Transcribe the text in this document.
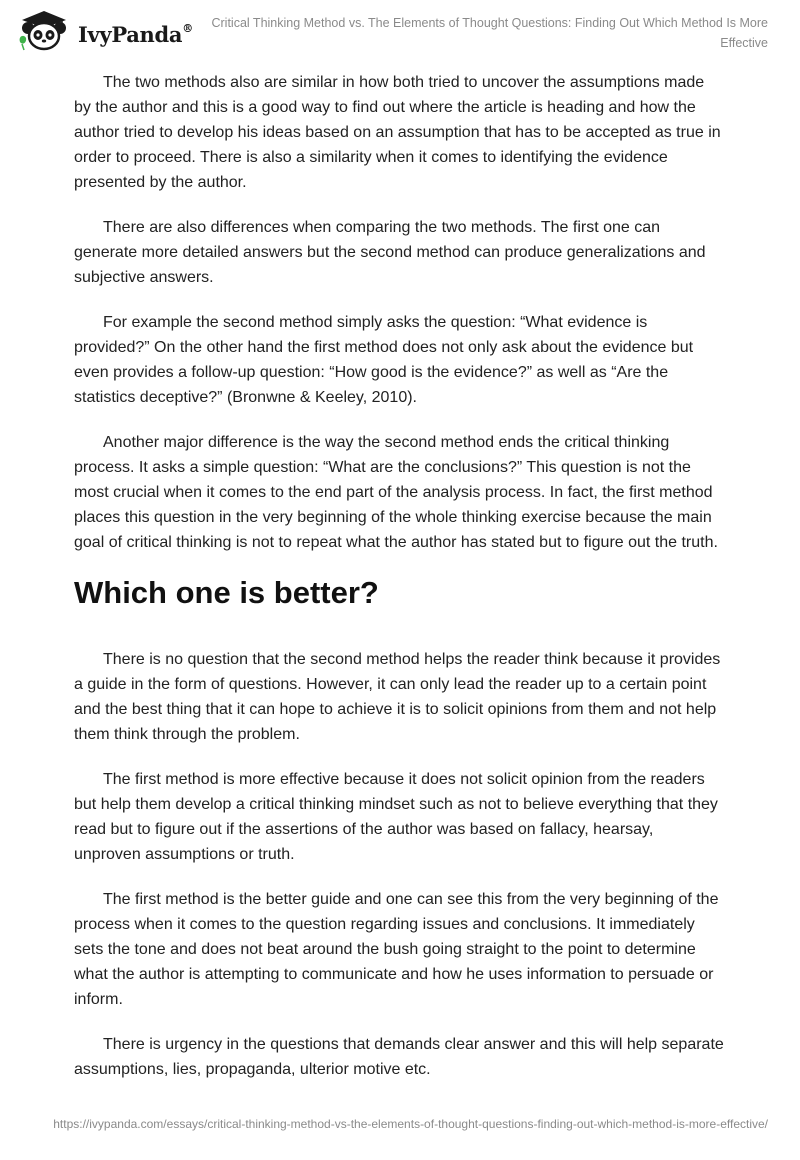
IvyPanda® Critical Thinking Method vs. The Elements of Thought Questions: Finding Out Which Method Is More Effective

The two methods also are similar in how both tried to uncover the assumptions made by the author and this is a good way to find out where the article is heading and how the author tried to develop his ideas based on an assumption that has to be accepted as true in order to proceed. There is also a similarity when it comes to identifying the evidence presented by the author.

There are also differences when comparing the two methods. The first one can generate more detailed answers but the second method can produce generalizations and subjective answers.

For example the second method simply asks the question: “What evidence is provided?” On the other hand the first method does not only ask about the evidence but even provides a follow-up question: “How good is the evidence?” as well as “Are the statistics deceptive?” (Bronwne & Keeley, 2010).

Another major difference is the way the second method ends the critical thinking process. It asks a simple question: “What are the conclusions?” This question is not the most crucial when it comes to the end part of the analysis process. In fact, the first method places this question in the very beginning of the whole thinking exercise because the main goal of critical thinking is not to repeat what the author has stated but to figure out the truth.

Which one is better?

There is no question that the second method helps the reader think because it provides a guide in the form of questions. However, it can only lead the reader up to a certain point and the best thing that it can hope to achieve it is to solicit opinions from them and not help them think through the problem.

The first method is more effective because it does not solicit opinion from the readers but help them develop a critical thinking mindset such as not to believe everything that they read but to figure out if the assertions of the author was based on fallacy, hearsay, unproven assumptions or truth.

The first method is the better guide and one can see this from the very beginning of the process when it comes to the question regarding issues and conclusions. It immediately sets the tone and does not beat around the bush going straight to the point to determine what the author is attempting to communicate and how he uses information to persuade or inform.

There is urgency in the questions that demands clear answer and this will help separate assumptions, lies, propaganda, ulterior motive etc.

https://ivypanda.com/essays/critical-thinking-method-vs-the-elements-of-thought-questions-finding-out-which-method-is-more-effective/
